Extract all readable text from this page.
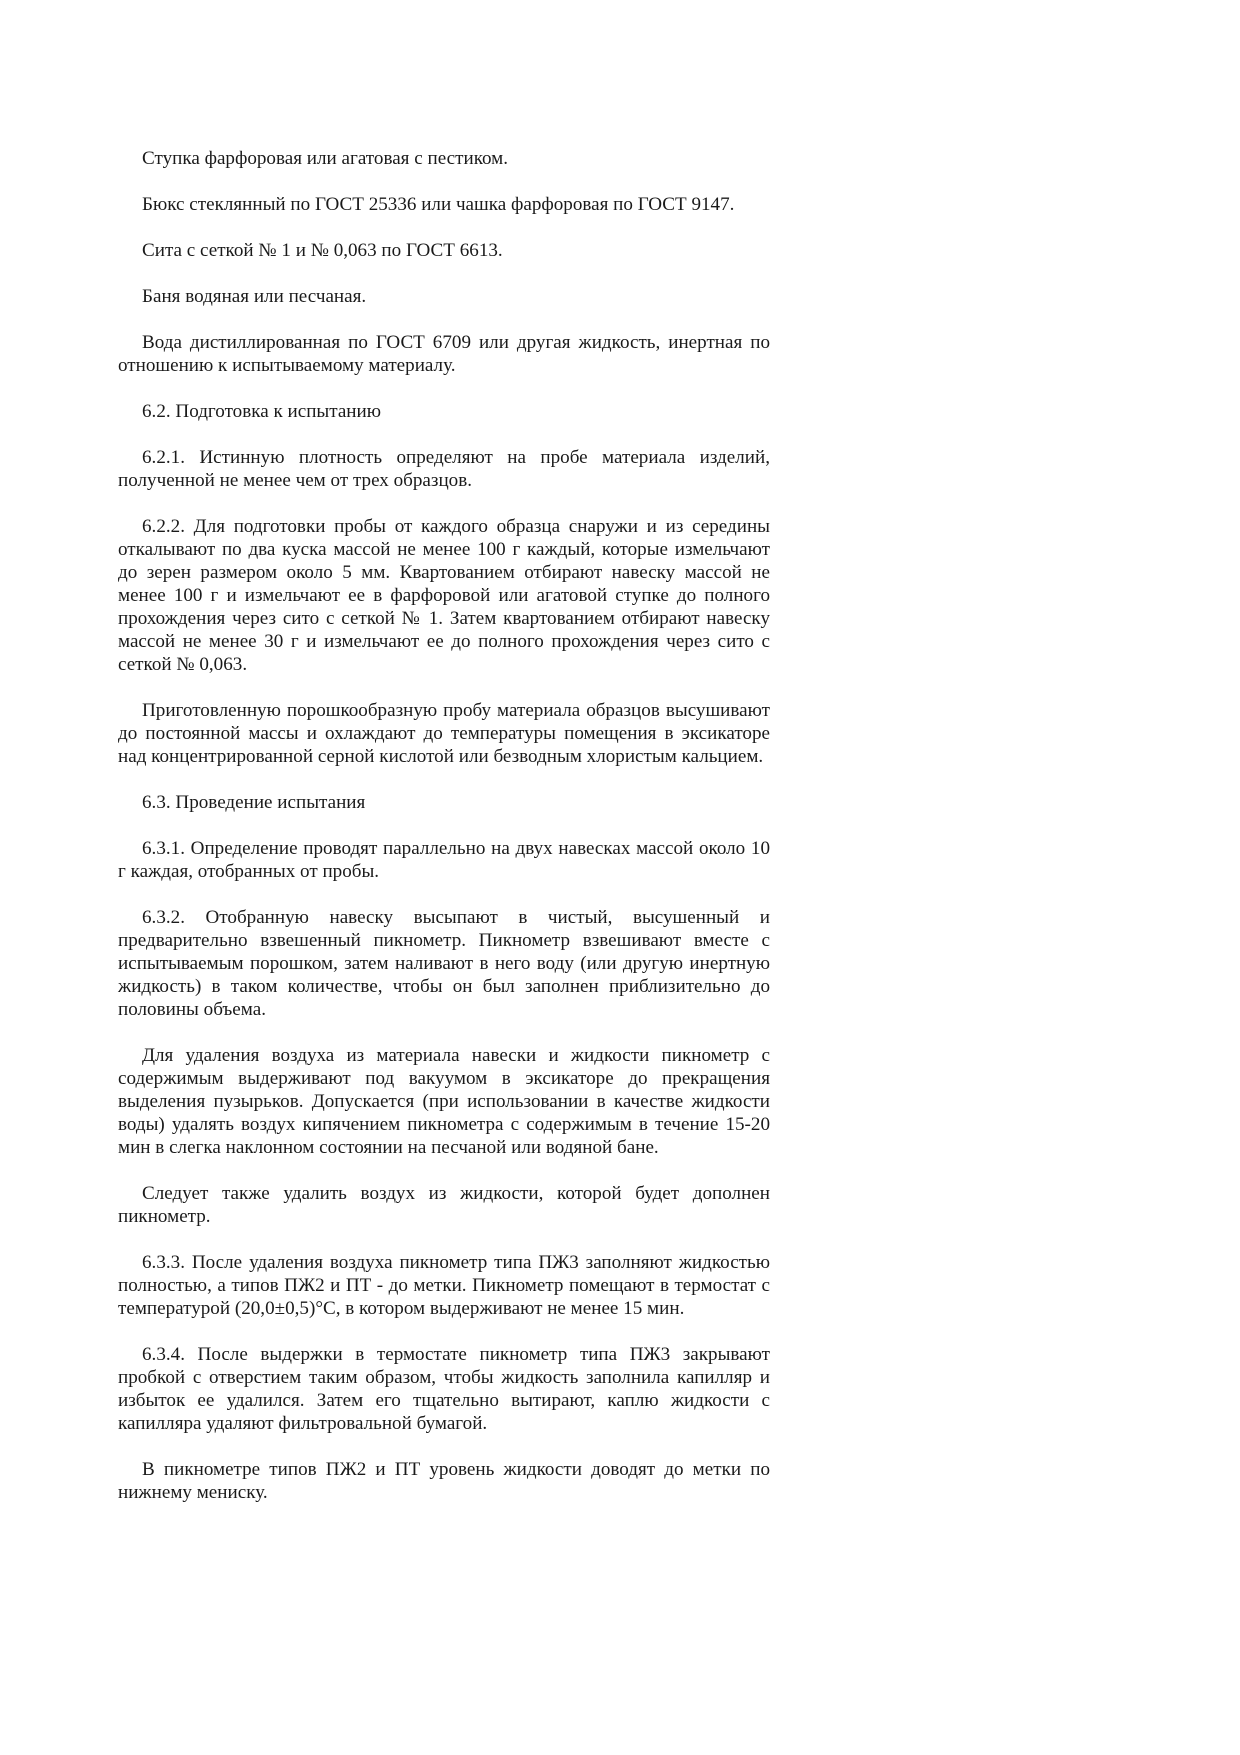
Ступка фарфоровая или агатовая с пестиком.

Бюкс стеклянный по ГОСТ 25336 или чашка фарфоровая по ГОСТ 9147.

Сита с сеткой № 1 и № 0,063 по ГОСТ 6613.

Баня водяная или песчаная.

Вода дистиллированная по ГОСТ 6709 или другая жидкость, инертная по отношению к испытываемому материалу.

6.2. Подготовка к испытанию

6.2.1. Истинную плотность определяют на пробе материала изделий, полученной не менее чем от трех образцов.

6.2.2. Для подготовки пробы от каждого образца снаружи и из середины откалывают по два куска массой не менее 100 г каждый, которые измельчают до зерен размером около 5 мм. Квартованием отбирают навеску массой не менее 100 г и измельчают ее в фарфоровой или агатовой ступке до полного прохождения через сито с сеткой № 1. Затем квартованием отбирают навеску массой не менее 30 г и измельчают ее до полного прохождения через сито с сеткой № 0,063.

Приготовленную порошкообразную пробу материала образцов высушивают до постоянной массы и охлаждают до температуры помещения в эксикаторе над концентрированной серной кислотой или безводным хлористым кальцием.

6.3. Проведение испытания

6.3.1. Определение проводят параллельно на двух навесках массой около 10 г каждая, отобранных от пробы.

6.3.2. Отобранную навеску высыпают в чистый, высушенный и предварительно взвешенный пикнометр. Пикнометр взвешивают вместе с испытываемым порошком, затем наливают в него воду (или другую инертную жидкость) в таком количестве, чтобы он был заполнен приблизительно до половины объема.

Для удаления воздуха из материала навески и жидкости пикнометр с содержимым выдерживают под вакуумом в эксикаторе до прекращения выделения пузырьков. Допускается (при использовании в качестве жидкости воды) удалять воздух кипячением пикнометра с содержимым в течение 15-20 мин в слегка наклонном состоянии на песчаной или водяной бане.

Следует также удалить воздух из жидкости, которой будет дополнен пикнометр.

6.3.3. После удаления воздуха пикнометр типа ПЖ3 заполняют жидкостью полностью, а типов ПЖ2 и ПТ - до метки. Пикнометр помещают в термостат с температурой (20,0±0,5)°С, в котором выдерживают не менее 15 мин.

6.3.4. После выдержки в термостате пикнометр типа ПЖ3 закрывают пробкой с отверстием таким образом, чтобы жидкость заполнила капилляр и избыток ее удалился. Затем его тщательно вытирают, каплю жидкости с капилляра удаляют фильтровальной бумагой.

В пикнометре типов ПЖ2 и ПТ уровень жидкости доводят до метки по нижнему мениску.
